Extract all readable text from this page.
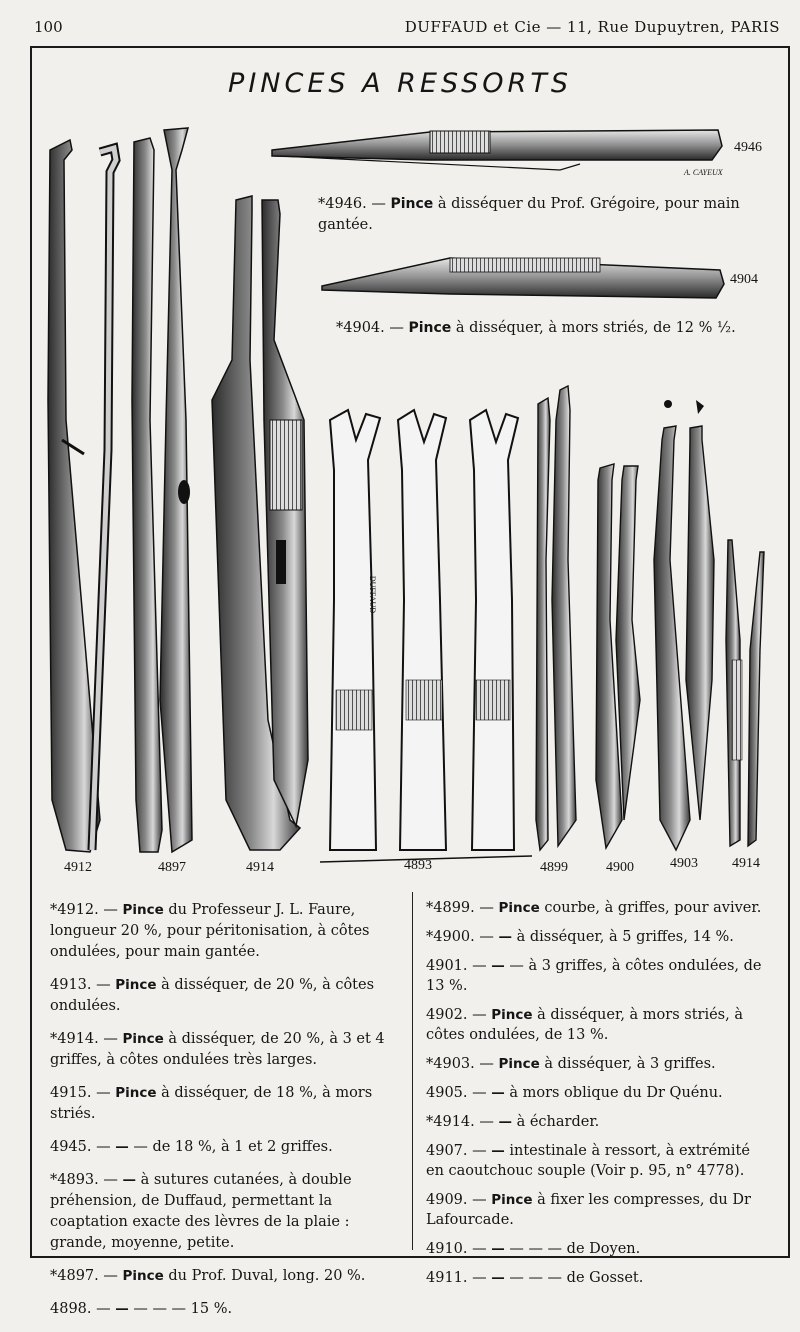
100	DUFFAUD et Cie — 11, Rue Dupuytren, PARIS
PINCES A RESSORTS
A. CAYEUX
DUFFAUD
4946
4904
4912	4897	4914	4893	4899	4900	4903 4914
*4946. — Pince à disséquer du Prof. Grégoire, pour main gantée.
*4904. — Pince à disséquer, à mors striés, de 12 % ½.
*4912. — Pince du Professeur J. L. Faure, longueur 20 %, pour péritonisation, à côtes ondulées, pour main gantée.
4913. — Pince à disséquer, de 20 %, à côtes ondulées.
*4914. — Pince à disséquer, de 20 %, à 3 et 4 griffes, à côtes ondulées très larges.
4915. — Pince à disséquer, de 18 %, à mors striés.
4945. — — — de 18 %, à 1 et 2 griffes.
*4893. — — à sutures cutanées, à double préhension, de Duffaud, permettant la coaptation exacte des lèvres de la plaie : grande, moyenne, petite.
*4897. — Pince du Prof. Duval, long. 20 %.
4898. — — — — — 15 %.
*4899. — Pince courbe, à griffes, pour aviver.
*4900. — — à disséquer, à 5 griffes, 14 %.
4901. — — — à 3 griffes, à côtes ondulées, de 13 %.
4902. — Pince à disséquer, à mors striés, à côtes ondulées, de 13 %.
*4903. — Pince à disséquer, à 3 griffes.
4905. — — à mors oblique du Dr Quénu.
*4914. — — à écharder.
4907. — — intestinale à ressort, à extrémité en caoutchouc souple (Voir p. 95, n° 4778).
4909. — Pince à fixer les compresses, du Dr Lafourcade.
4910. — — — — — de Doyen.
4911. — — — — — de Gosset.
